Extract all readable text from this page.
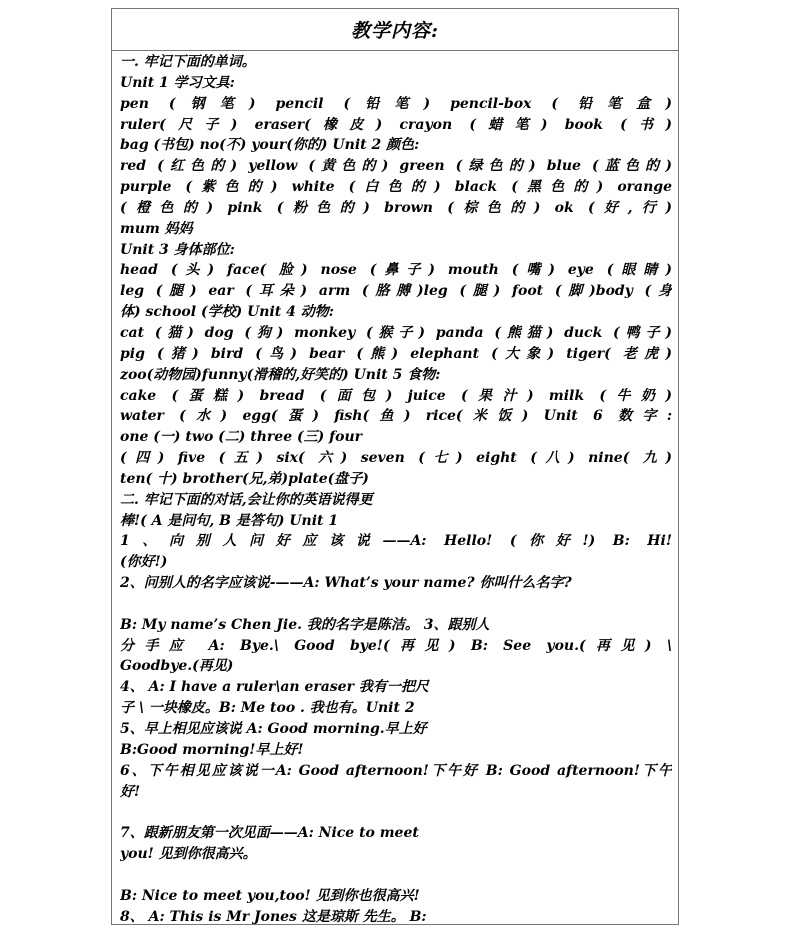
教学内容:
一. 牢记下面的单词。
Unit 1 学习文具:
pen (钢笔) pencil (铅笔) pencil-box ( 铅笔盒)
ruler(尺子) eraser(橡皮) crayon (蜡笔) book (书)
bag (书包) no(不) your(你的) Unit 2 颜色:
red (红色的) yellow (黄色的) green (绿色的) blue (蓝色的)
purple (紫色的) white (白色的) black (黑色的) orange
(橙色的) pink (粉色的) brown (棕色的) ok (好,行)
mum 妈妈
Unit 3 身体部位:
head (头) face( 脸) nose (鼻子) mouth (嘴) eye (眼睛)
leg (腿) ear (耳朵) arm (胳膊)leg (腿) foot (脚)body (身
体) school (学校) Unit 4 动物:
cat (猫) dog (狗) monkey (猴子) panda (熊猫) duck (鸭子)
pig (猪) bird (鸟) bear (熊) elephant (大象) tiger( 老虎)
zoo(动物园)funny(滑稽的,好笑的) Unit 5 食物:
cake (蛋糕) bread (面包) juice (果汁) milk (牛奶)
water (水) egg(蛋) fish(鱼) rice(米饭) Unit 6 数字:
one (一) two (二) three (三) four
(四) five (五) six( 六) seven (七) eight (八) nine( 九)
ten( 十) brother(兄,弟)plate(盘子)
二. 牢记下面的对话,会让你的英语说得更
棒!( A 是问句, B 是答句) Unit 1
1、向别人问好应该说——A: Hello! (你好!) B: Hi!
(你好!)
2、问别人的名字应该说-——A: What’s your name? 你叫什么名字?
B: My name’s Chen Jie. 我的名字是陈洁。 3、跟别人
分手应 A: Bye.\ Good bye!(再见) B: See you.(再见) \
Goodbye.(再见)
4、 A: I have a ruler\an eraser 我有一把尺
子 \ 一块橡皮。B: Me too . 我也有。Unit 2
5、早上相见应该说 A: Good morning.早上好
B:Good morning!早上好!
6、下午相见应该说一A: Good afternoon!下午好 B: Good afternoon!下午
好!
7、跟新朋友第一次见面——A: Nice to meet
you! 见到你很高兴。
B: Nice to meet you,too! 见到你也很高兴!
8、 A: This is Mr Jones 这是琼斯 先生。 B:
